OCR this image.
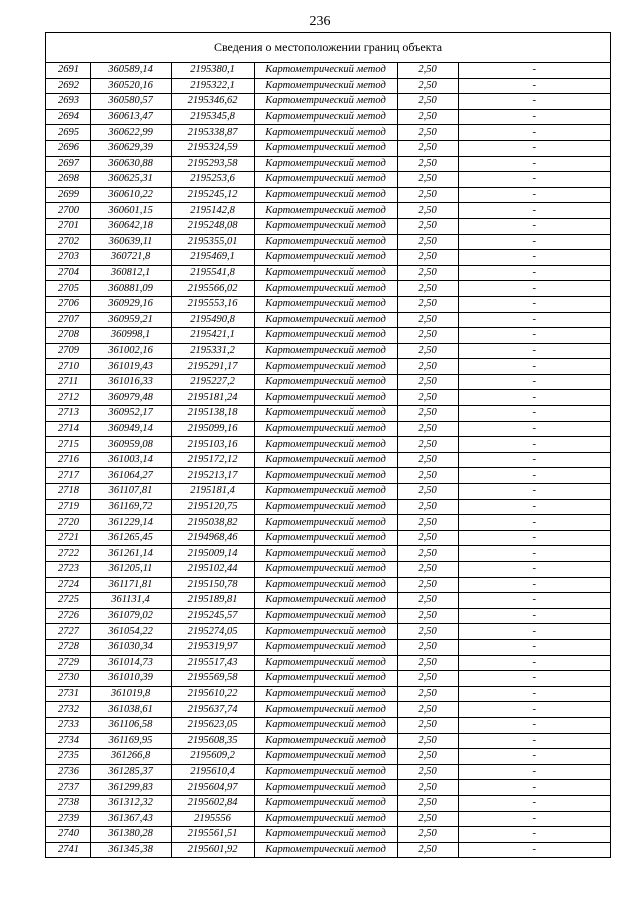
236
Сведения о местоположении границ объекта
2691	360589,14	2195380,1	Картометрический метод	2,50	-
2692	360520,16	2195322,1	Картометрический метод	2,50	-
2693	360580,57	2195346,62	Картометрический метод	2,50	-
2694	360613,47	2195345,8	Картометрический метод	2,50	-
2695	360622,99	2195338,87	Картометрический метод	2,50	-
2696	360629,39	2195324,59	Картометрический метод	2,50	-
2697	360630,88	2195293,58	Картометрический метод	2,50	-
2698	360625,31	2195253,6	Картометрический метод	2,50	-
2699	360610,22	2195245,12	Картометрический метод	2,50	-
2700	360601,15	2195142,8	Картометрический метод	2,50	-
2701	360642,18	2195248,08	Картометрический метод	2,50	-
2702	360639,11	2195355,01	Картометрический метод	2,50	-
2703	360721,8	2195469,1	Картометрический метод	2,50	-
2704	360812,1	2195541,8	Картометрический метод	2,50	-
2705	360881,09	2195566,02	Картометрический метод	2,50	-
2706	360929,16	2195553,16	Картометрический метод	2,50	-
2707	360959,21	2195490,8	Картометрический метод	2,50	-
2708	360998,1	2195421,1	Картометрический метод	2,50	-
2709	361002,16	2195331,2	Картометрический метод	2,50	-
2710	361019,43	2195291,17	Картометрический метод	2,50	-
2711	361016,33	2195227,2	Картометрический метод	2,50	-
2712	360979,48	2195181,24	Картометрический метод	2,50	-
2713	360952,17	2195138,18	Картометрический метод	2,50	-
2714	360949,14	2195099,16	Картометрический метод	2,50	-
2715	360959,08	2195103,16	Картометрический метод	2,50	-
2716	361003,14	2195172,12	Картометрический метод	2,50	-
2717	361064,27	2195213,17	Картометрический метод	2,50	-
2718	361107,81	2195181,4	Картометрический метод	2,50	-
2719	361169,72	2195120,75	Картометрический метод	2,50	-
2720	361229,14	2195038,82	Картометрический метод	2,50	-
2721	361265,45	2194968,46	Картометрический метод	2,50	-
2722	361261,14	2195009,14	Картометрический метод	2,50	-
2723	361205,11	2195102,44	Картометрический метод	2,50	-
2724	361171,81	2195150,78	Картометрический метод	2,50	-
2725	361131,4	2195189,81	Картометрический метод	2,50	-
2726	361079,02	2195245,57	Картометрический метод	2,50	-
2727	361054,22	2195274,05	Картометрический метод	2,50	-
2728	361030,34	2195319,97	Картометрический метод	2,50	-
2729	361014,73	2195517,43	Картометрический метод	2,50	-
2730	361010,39	2195569,58	Картометрический метод	2,50	-
2731	361019,8	2195610,22	Картометрический метод	2,50	-
2732	361038,61	2195637,74	Картометрический метод	2,50	-
2733	361106,58	2195623,05	Картометрический метод	2,50	-
2734	361169,95	2195608,35	Картометрический метод	2,50	-
2735	361266,8	2195609,2	Картометрический метод	2,50	-
2736	361285,37	2195610,4	Картометрический метод	2,50	-
2737	361299,83	2195604,97	Картометрический метод	2,50	-
2738	361312,32	2195602,84	Картометрический метод	2,50	-
2739	361367,43	2195556	Картометрический метод	2,50	-
2740	361380,28	2195561,51	Картометрический метод	2,50	-
2741	361345,38	2195601,92	Картометрический метод	2,50	-
